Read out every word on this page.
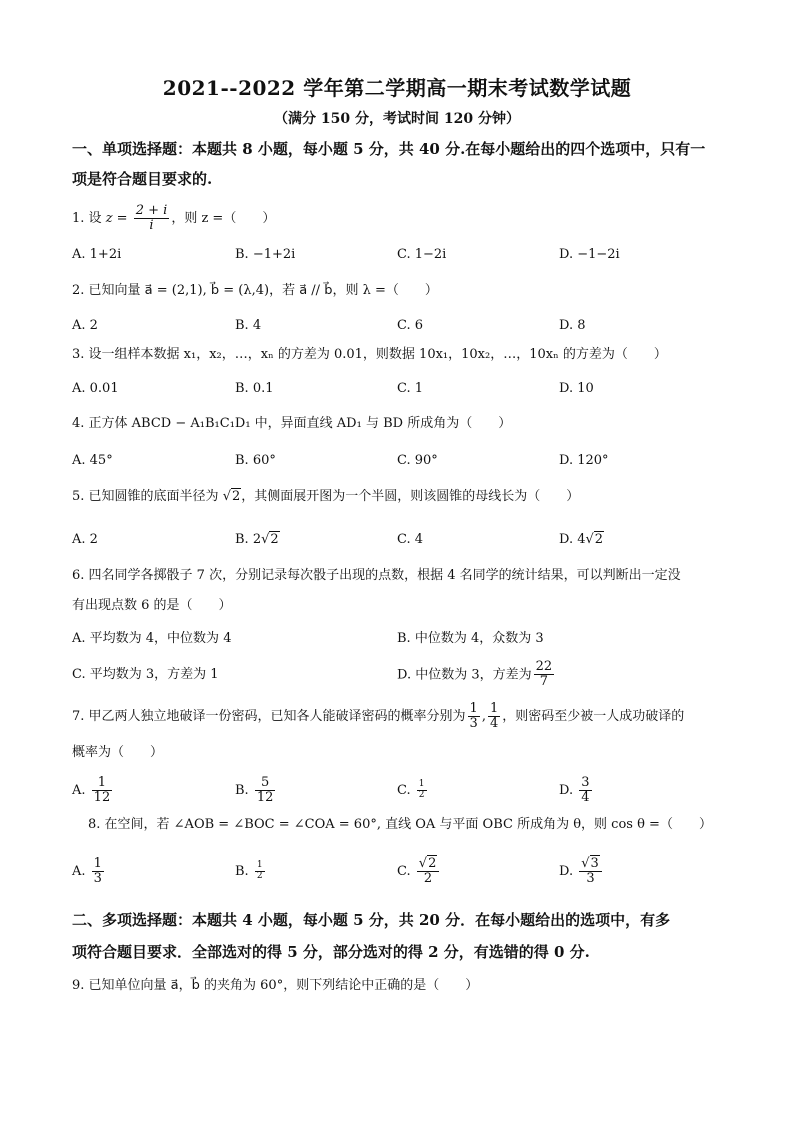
2021--2022 学年第二学期高一期末考试数学试题
（满分 150 分，考试时间 120 分钟）
一、单项选择题：本题共 8 小题，每小题 5 分，共 40 分.在每小题给出的四个选项中，只有一
项是符合题目要求的.
1. 设 $z = \frac{2 + i}{i}$ ，则 z =（　　）
A. 1+2i	B. −1+2i	C. 1−2i	D. −1−2i
2. 已知向量 a⃗ = (2,1), b⃗ = (λ,4)，若 a⃗ // b⃗，则 λ =（　　）
A. 2	B. 4	C. 6	D. 8
3. 设一组样本数据 x₁，x₂，…，xₙ 的方差为 0.01，则数据 10x₁，10x₂，…，10xₙ 的方差为（　　）
A. 0.01	B. 0.1	C. 1	D. 10
4. 正方体 ABCD − A₁B₁C₁D₁ 中，异面直线 AD₁ 与 BD 所成角为（　　）
A. 45°	B. 60°	C. 90°	D. 120°
5. 已知圆锥的底面半径为 √2，其侧面展开图为一个半圆，则该圆锥的母线长为（　　）
A. 2	B. 2√2	C. 4	D. 4√2
6. 四名同学各掷骰子 7 次，分别记录每次骰子出现的点数，根据 4 名同学的统计结果，可以判断出一定没
有出现点数 6 的是（　　）
A. 平均数为 4，中位数为 4	B. 中位数为 4，众数为 3
C. 平均数为 3，方差为 1	D. 中位数为 3，方差为 $\frac{22}{7}$
7. 甲乙两人独立地破译一份密码，已知各人能破译密码的概率分别为 $\frac{1}{3}$ , $\frac{1}{4}$ ，则密码至少被一人成功破译的
概率为（　　）
A. $\frac{1}{12}$	B. $\frac{5}{12}$	C. $\frac{1}{2}$	D. $\frac{3}{4}$
8. 在空间，若 ∠AOB = ∠BOC = ∠COA = 60°, 直线 OA 与平面 OBC 所成角为 θ，则 cos θ =（　　）
A. $\frac{1}{3}$	B. $\frac{1}{2}$	C. $\frac{√2}{2}$	D. $\frac{√3}{3}$
二、多项选择题：本题共 4 小题，每小题 5 分，共 20 分．在每小题给出的选项中，有多
项符合题目要求．全部选对的得 5 分，部分选对的得 2 分，有选错的得 0 分.
9. 已知单位向量 a⃗，b⃗ 的夹角为 60°，则下列结论中正确的是（　　）
